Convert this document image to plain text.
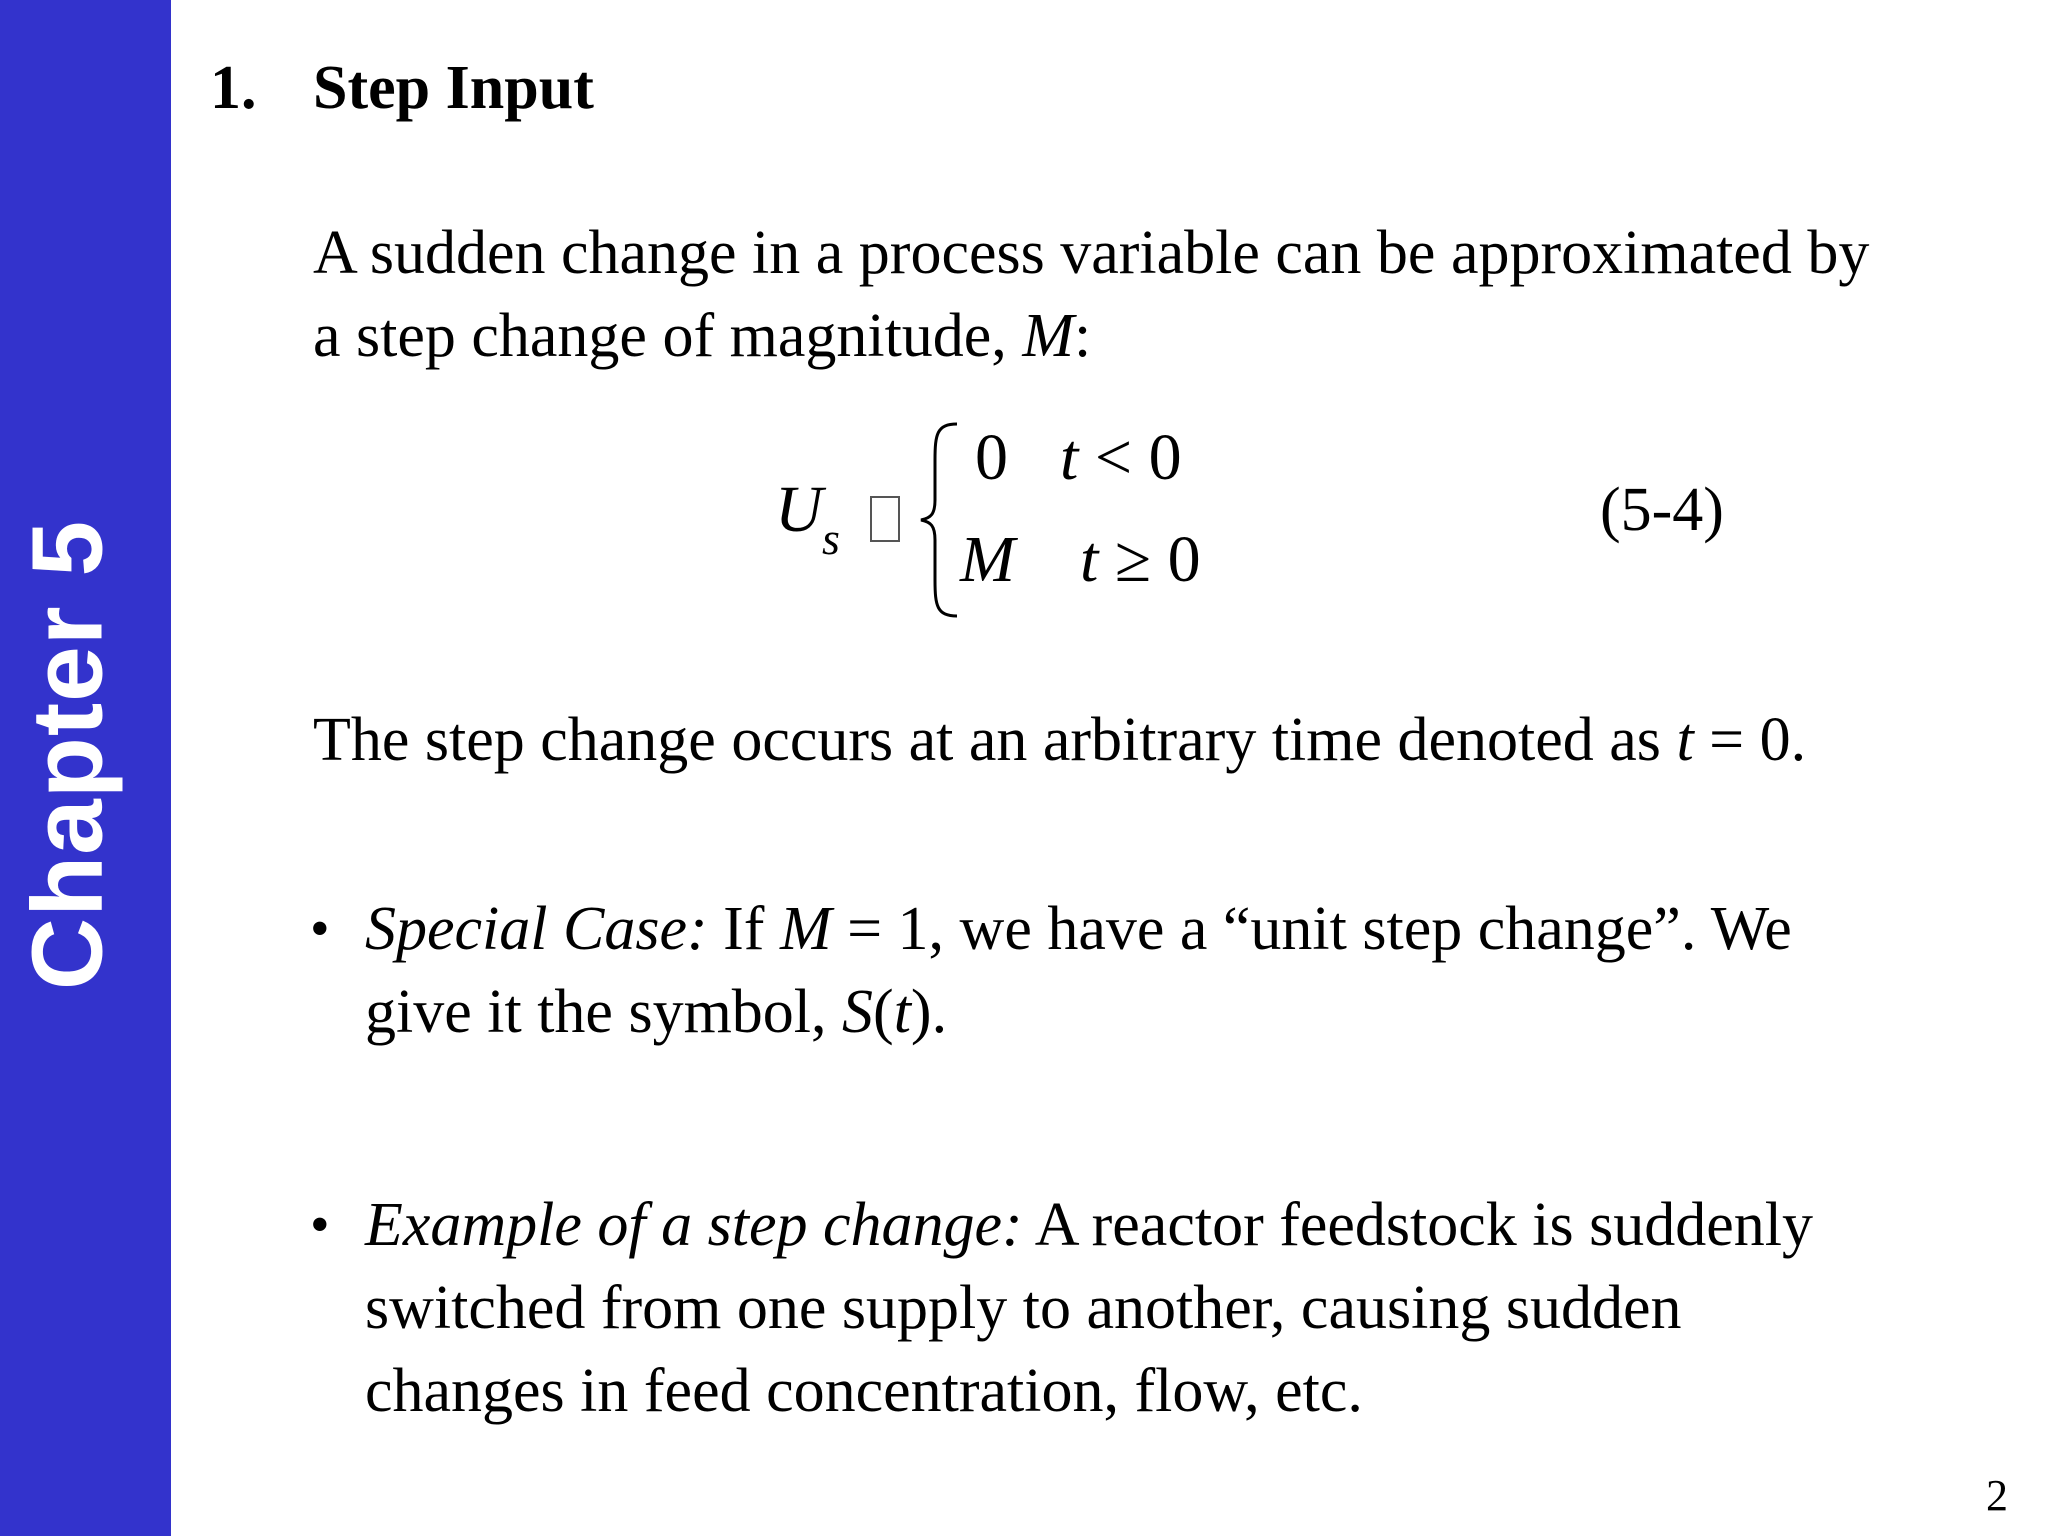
Chapter 5
1. Step Input
A sudden change in a process variable can be approximated by
a step change of magnitude, M:
U s
0 t < 0
M t ≥ 0
(5-4)
The step change occurs at an arbitrary time denoted as t = 0.
• Special Case: If M = 1, we have a “unit step change”. We
give it the symbol, S(t).
• Example of a step change: A reactor feedstock is suddenly
switched from one supply to another, causing sudden
changes in feed concentration, flow, etc.
2
